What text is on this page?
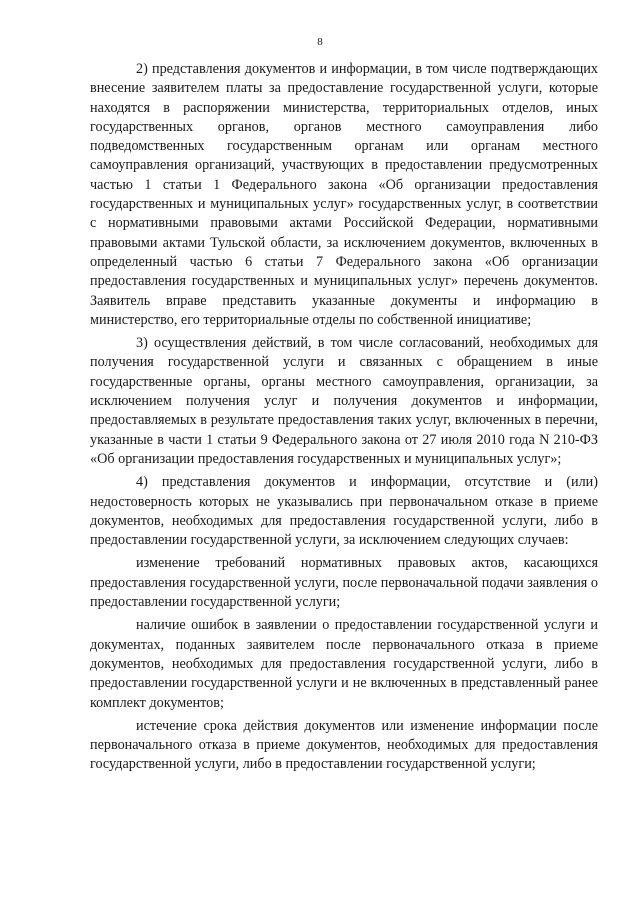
8

2) представления документов и информации, в том числе подтверждающих внесение заявителем платы за предоставление государственной услуги, которые находятся в распоряжении министерства, территориальных отделов, иных государственных органов, органов местного самоуправления либо подведомственных государственным органам или органам местного самоуправления организаций, участвующих в предоставлении предусмотренных частью 1 статьи 1 Федерального закона «Об организации предоставления государственных и муниципальных услуг» государственных услуг, в соответствии с нормативными правовыми актами Российской Федерации, нормативными правовыми актами Тульской области, за исключением документов, включенных в определенный частью 6 статьи 7 Федерального закона «Об организации предоставления государственных и муниципальных услуг» перечень документов. Заявитель вправе представить указанные документы и информацию в министерство, его территориальные отделы по собственной инициативе;

3) осуществления действий, в том числе согласований, необходимых для получения государственной услуги и связанных с обращением в иные государственные органы, органы местного самоуправления, организации, за исключением получения услуг и получения документов и информации, предоставляемых в результате предоставления таких услуг, включенных в перечни, указанные в части 1 статьи 9 Федерального закона от 27 июля 2010 года N 210-ФЗ «Об организации предоставления государственных и муниципальных услуг»;

4) представления документов и информации, отсутствие и (или) недостоверность которых не указывались при первоначальном отказе в приеме документов, необходимых для предоставления государственной услуги, либо в предоставлении государственной услуги, за исключением следующих случаев:

изменение требований нормативных правовых актов, касающихся предоставления государственной услуги, после первоначальной подачи заявления о предоставлении государственной услуги;

наличие ошибок в заявлении о предоставлении государственной услуги и документах, поданных заявителем после первоначального отказа в приеме документов, необходимых для предоставления государственной услуги, либо в предоставлении государственной услуги и не включенных в представленный ранее комплект документов;

истечение срока действия документов или изменение информации после первоначального отказа в приеме документов, необходимых для предоставления государственной услуги, либо в предоставлении государственной услуги;
